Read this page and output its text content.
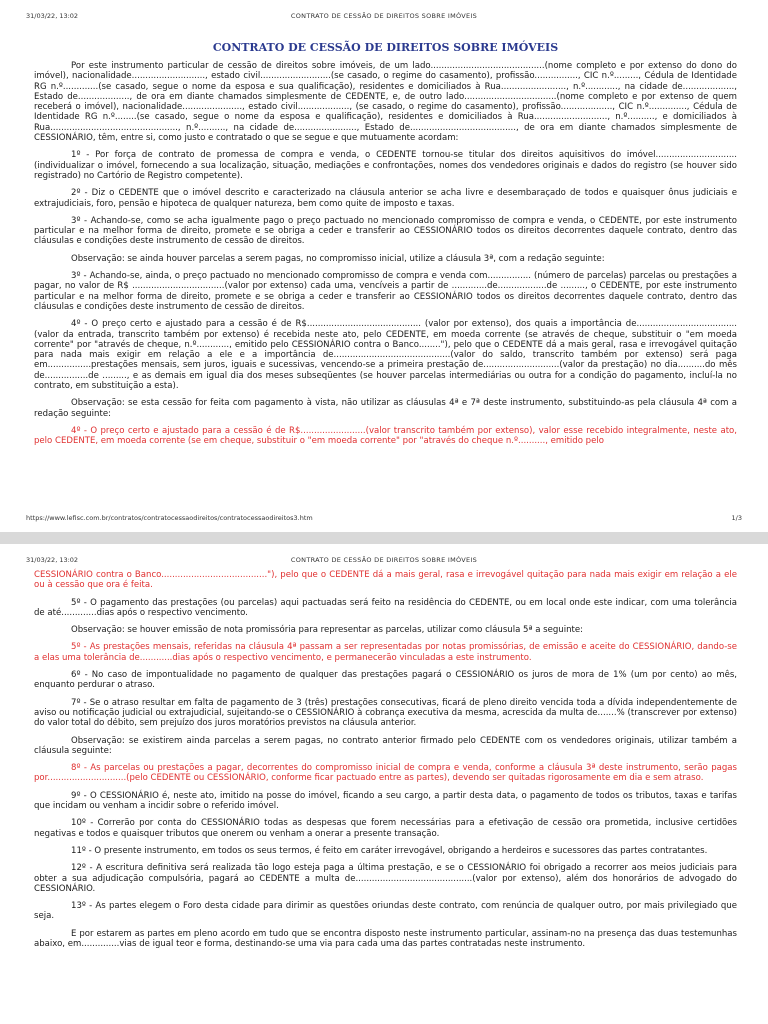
31/03/22, 13:02	CONTRATO DE CESSÃO DE DIREITOS SOBRE IMÓVEIS
CONTRATO DE CESSÃO DE DIREITOS SOBRE IMÓVEIS

Por este instrumento particular de cessão de direitos sobre imóveis, de um lado..........................................(nome completo e por extenso do dono do imóvel), nacionalidade..........................., estado civil..........................(se casado, o regime do casamento), profissão................, CIC n.º........., Cédula de Identidade RG n.º.............(se casado, segue o nome da esposa e sua qualificação), residentes e domiciliados à Rua........................, n.º............, na cidade de..................., Estado de..................., de ora em diante chamados simplesmente de CEDENTE, e, de outro lado..................................(nome completo e por extenso de quem receberá o imóvel), nacionalidade......................, estado civil..................., (se casado, o regime do casamento), profissão..................., CIC n.º.............., Cédula de Identidade RG n.º........(se casado, segue o nome da esposa e qualificação), residentes e domiciliados à Rua..........................., n.º.........., e domiciliados à Rua..............................................., n.º.........., na cidade de......................., Estado de......................................., de ora em diante chamados simplesmente de CESSIONÁRIO, têm, entre si, como justo e contratado o que se segue e que mutuamente acordam:

1º - Por força de contrato de promessa de compra e venda, o CEDENTE tornou-se titular dos direitos aquisitivos do imóvel.............................. (individualizar o imóvel, fornecendo a sua localização, situação, mediações e confrontações, nomes dos vendedores originais e dados do registro (se houver sido registrado) no Cartório de Registro competente).

2º - Diz o CEDENTE que o imóvel descrito e caracterizado na cláusula anterior se acha livre e desembaraçado de todos e quaisquer ônus judiciais e extrajudiciais, foro, pensão e hipoteca de qualquer natureza, bem como quite de imposto e taxas.

3º - Achando-se, como se acha igualmente pago o preço pactuado no mencionado compromisso de compra e venda, o CEDENTE, por este instrumento particular e na melhor forma de direito, promete e se obriga a ceder e transferir ao CESSIONÁRIO todos os direitos decorrentes daquele contrato, dentro das cláusulas e condições deste instrumento de cessão de direitos.

Observação: se ainda houver parcelas a serem pagas, no compromisso inicial, utilize a cláusula 3ª, com a redação seguinte:

3º - Achando-se, ainda, o preço pactuado no mencionado compromisso de compra e venda com................ (número de parcelas) parcelas ou prestações a pagar, no valor de R$ ..................................(valor por extenso) cada uma, vencíveis a partir de .............de..................de ........., o CEDENTE, por este instrumento particular e na melhor forma de direito, promete e se obriga a ceder e transferir ao CESSIONÁRIO todos os direitos decorrentes daquele contrato, dentro das cláusulas e condições deste instrumento de cessão de direitos.

4º - O preço certo e ajustado para a cessão é de R$.......................................... (valor por extenso), dos quais a importância de.....................................(valor da entrada, transcrito também por extenso) é recebida neste ato, pelo CEDENTE, em moeda corrente (se através de cheque, substituir o "em moeda corrente" por "através de cheque, n.º............, emitido pelo CESSIONÁRIO contra o Banco........"), pelo que o CEDENTE dá a mais geral, rasa e irrevogável quitação para nada mais exigir em relação a ele e a importância de...........................................(valor do saldo, transcrito também por extenso) será paga em................prestações mensais, sem juros, iguais e sucessivas, vencendo-se a primeira prestação de............................(valor da prestação) no dia..........do mês de................de ........., e as demais em igual dia dos meses subseqüentes (se houver parcelas intermediárias ou outra for a condição do pagamento, incluí-la no contrato, em substituição a esta).

Observação: se esta cessão for feita com pagamento à vista, não utilizar as cláusulas 4ª e 7ª deste instrumento, substituindo-as pela cláusula 4ª com a redação seguinte:

4º - O preço certo e ajustado para a cessão é de R$........................(valor transcrito também por extenso), valor esse recebido integralmente, neste ato, pelo CEDENTE, em moeda corrente (se em cheque, substituir o "em moeda corrente" por "através do cheque n.º.........., emitido pelo

https://www.lefisc.com.br/contratos/contratocessaodireitos/contratocessaodireitos3.htm	1/3
31/03/22, 13:02	CONTRATO DE CESSÃO DE DIREITOS SOBRE IMÓVEIS

CESSIONÁRIO contra o Banco......................................."), pelo que o CEDENTE dá a mais geral, rasa e irrevogável quitação para nada mais exigir em relação a ele ou à cessão que ora é feita.

5º - O pagamento das prestações (ou parcelas) aqui pactuadas será feito na residência do CEDENTE, ou em local onde este indicar, com uma tolerância de até.............dias após o respectivo vencimento.

Observação: se houver emissão de nota promissória para representar as parcelas, utilizar como cláusula 5ª a seguinte:

5º - As prestações mensais, referidas na cláusula 4ª passam a ser representadas por notas promissórias, de emissão e aceite do CESSIONÁRIO, dando-se a elas uma tolerância de............dias após o respectivo vencimento, e permanecerão vinculadas a este instrumento.

6º - No caso de impontualidade no pagamento de qualquer das prestações pagará o CESSIONÁRIO os juros de mora de 1% (um por cento) ao mês, enquanto perdurar o atraso.

7º - Se o atraso resultar em falta de pagamento de 3 (três) prestações consecutivas, ficará de pleno direito vencida toda a dívida independentemente de aviso ou notificação judicial ou extrajudicial, sujeitando-se o CESSIONÁRIO à cobrança executiva da mesma, acrescida da multa de.......% (transcrever por extenso) do valor total do débito, sem prejuízo dos juros moratórios previstos na cláusula anterior.

Observação: se existirem ainda parcelas a serem pagas, no contrato anterior firmado pelo CEDENTE com os vendedores originais, utilizar também a cláusula seguinte:

8º - As parcelas ou prestações a pagar, decorrentes do compromisso inicial de compra e venda, conforme a cláusula 3ª deste instrumento, serão pagas por.............................(pelo CEDENTE ou CESSIONÁRIO, conforme ficar pactuado entre as partes), devendo ser quitadas rigorosamente em dia e sem atraso.

9º - O CESSIONÁRIO é, neste ato, imitido na posse do imóvel, ficando a seu cargo, a partir desta data, o pagamento de todos os tributos, taxas e tarifas que incidam ou venham a incidir sobre o referido imóvel.

10º - Correrão por conta do CESSIONÁRIO todas as despesas que forem necessárias para a efetivação de cessão ora prometida, inclusive certidões negativas e todos e quaisquer tributos que onerem ou venham a onerar a presente transação.

11º - O presente instrumento, em todos os seus termos, é feito em caráter irrevogável, obrigando a herdeiros e sucessores das partes contratantes.

12º - A escritura definitiva será realizada tão logo esteja paga a última prestação, e se o CESSIONÁRIO foi obrigado a recorrer aos meios judiciais para obter a sua adjudicação compulsória, pagará ao CEDENTE a multa de...........................................(valor por extenso), além dos honorários de advogado do CESSIONÁRIO.

13º - As partes elegem o Foro desta cidade para dirimir as questões oriundas deste contrato, com renúncia de qualquer outro, por mais privilegiado que seja.

E por estarem as partes em pleno acordo em tudo que se encontra disposto neste instrumento particular, assinam-no na presença das duas testemunhas abaixo, em..............vias de igual teor e forma, destinando-se uma via para cada uma das partes contratadas neste instrumento.
